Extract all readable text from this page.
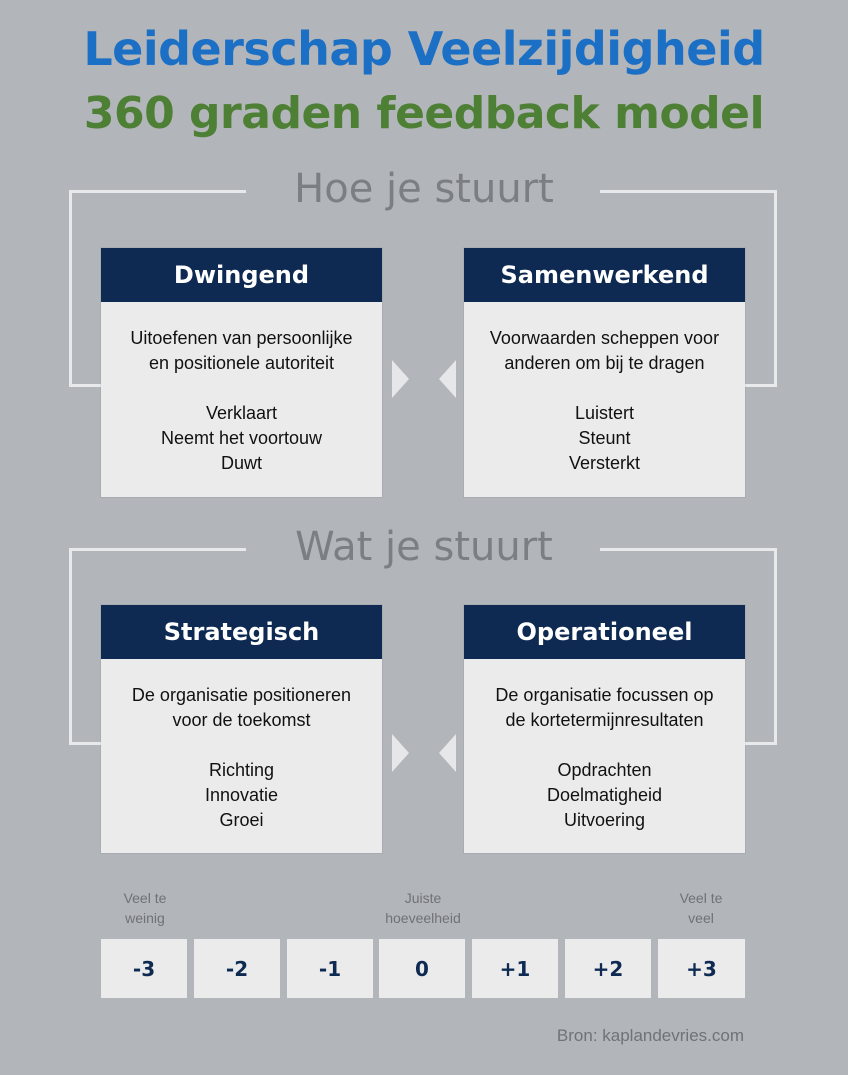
Leiderschap Veelzijdigheid
360 graden feedback model
Hoe je stuurt
Dwingend
Uitoefenen van persoonlijke
en positionele autoriteit
Verklaart
Neemt het voortouw
Duwt
Samenwerkend
Voorwaarden scheppen voor
anderen om bij te dragen
Luistert
Steunt
Versterkt
Wat je stuurt
Strategisch
De organisatie positioneren
voor de toekomst
Richting
Innovatie
Groei
Operationeel
De organisatie focussen op
de kortetermijnresultaten
Opdrachten
Doelmatigheid
Uitvoering
Veel te
weinig
Juiste
hoeveelheid
Veel te
veel
-3	-2	-1	0	+1	+2	+3
Bron: kaplandevries.com
